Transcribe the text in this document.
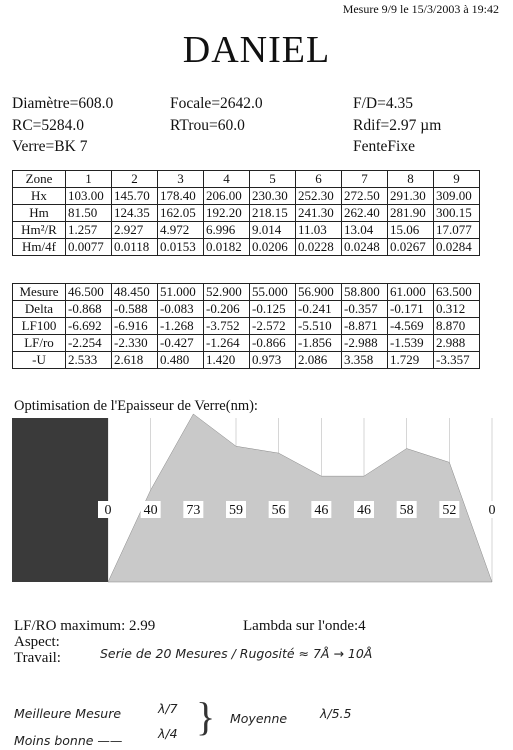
Mesure 9/9 le 15/3/2003 à 19:42
DANIEL
Diamètre=608.0	Focale=2642.0	F/D=4.35
RC=5284.0	RTrou=60.0	Rdif=2.97 µm
Verre=BK 7	FenteFixe
Zone	1	2	3	4	5	6	7	8	9
Hx	103.00	145.70	178.40	206.00	230.30	252.30	272.50	291.30	309.00
Hm	81.50	124.35	162.05	192.20	218.15	241.30	262.40	281.90	300.15
Hm²/R	1.257	2.927	4.972	6.996	9.014	11.03	13.04	15.06	17.077
Hm/4f	0.0077	0.0118	0.0153	0.0182	0.0206	0.0228	0.0248	0.0267	0.0284
Mesure	46.500	48.450	51.000	52.900	55.000	56.900	58.800	61.000	63.500
Delta	-0.868	-0.588	-0.083	-0.206	-0.125	-0.241	-0.357	-0.171	0.312
LF100	-6.692	-6.916	-1.268	-3.752	-2.572	-5.510	-8.871	-4.569	8.870
LF/ro	-2.254	-2.330	-0.427	-1.264	-0.866	-1.856	-2.988	-1.539	2.988
-U	2.533	2.618	0.480	1.420	0.973	2.086	3.358	1.729	-3.357
Optimisation de l'Epaisseur de Verre(nm):
0 40 73 59 56 46 46 58 52 0
LF/RO maximum: 2.99	Lambda sur l'onde:4
Aspect:
Travail:	Serie de 20 Mesures / Rugosité ≈ 7Å → 10Å
Meilleure Mesure	λ/7
Moins bonne ——	λ/4 } Moyenne	λ/5.5
